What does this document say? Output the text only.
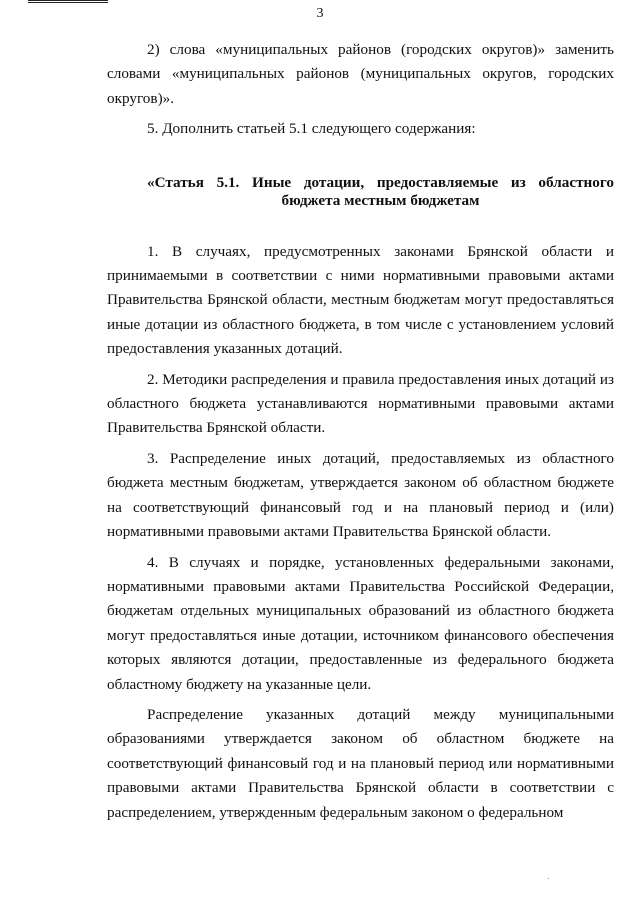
3

2) слова «муниципальных районов (городских округов)» заменить словами «муниципальных районов (муниципальных округов, городских округов)».

5. Дополнить статьей 5.1 следующего содержания:

«Статья 5.1. Иные дотации, предоставляемые из областного
бюджета местным бюджетам

1. В случаях, предусмотренных законами Брянской области и принимаемыми в соответствии с ними нормативными правовыми актами Правительства Брянской области, местным бюджетам могут предоставляться иные дотации из областного бюджета, в том числе с установлением условий предоставления указанных дотаций.

2. Методики распределения и правила предоставления иных дотаций из областного бюджета устанавливаются нормативными правовыми актами Правительства Брянской области.

3. Распределение иных дотаций, предоставляемых из областного бюджета местным бюджетам, утверждается законом об областном бюджете на соответствующий финансовый год и на плановый период и (или) нормативными правовыми актами Правительства Брянской области.

4. В случаях и порядке, установленных федеральными законами, нормативными правовыми актами Правительства Российской Федерации, бюджетам отдельных муниципальных образований из областного бюджета могут предоставляться иные дотации, источником финансового обеспечения которых являются дотации, предоставленные из федерального бюджета областному бюджету на указанные цели.

Распределение указанных дотаций между муниципальными образованиями утверждается законом об областном бюджете на соответствующий финансовый год и на плановый период или нормативными правовыми актами Правительства Брянской области в соответствии с распределением, утвержденным федеральным законом о федеральном
